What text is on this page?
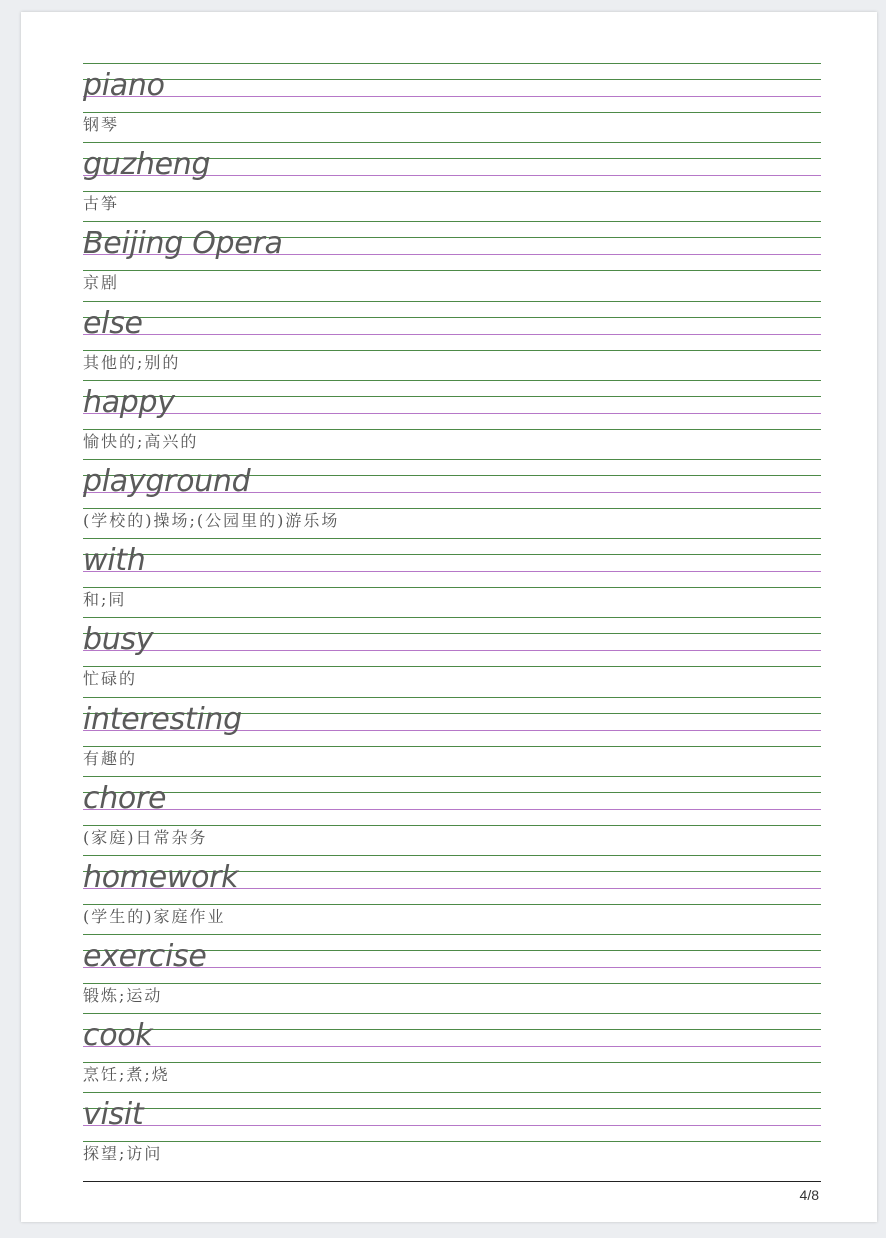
piano
钢琴
guzheng
古筝
Beijing Opera
京剧
else
其他的;别的
happy
愉快的;高兴的
playground
(学校的)操场;(公园里的)游乐场
with
和;同
busy
忙碌的
interesting
有趣的
chore
(家庭)日常杂务
homework
(学生的)家庭作业
exercise
锻炼;运动
cook
烹饪;煮;烧
visit
探望;访问
4/8
